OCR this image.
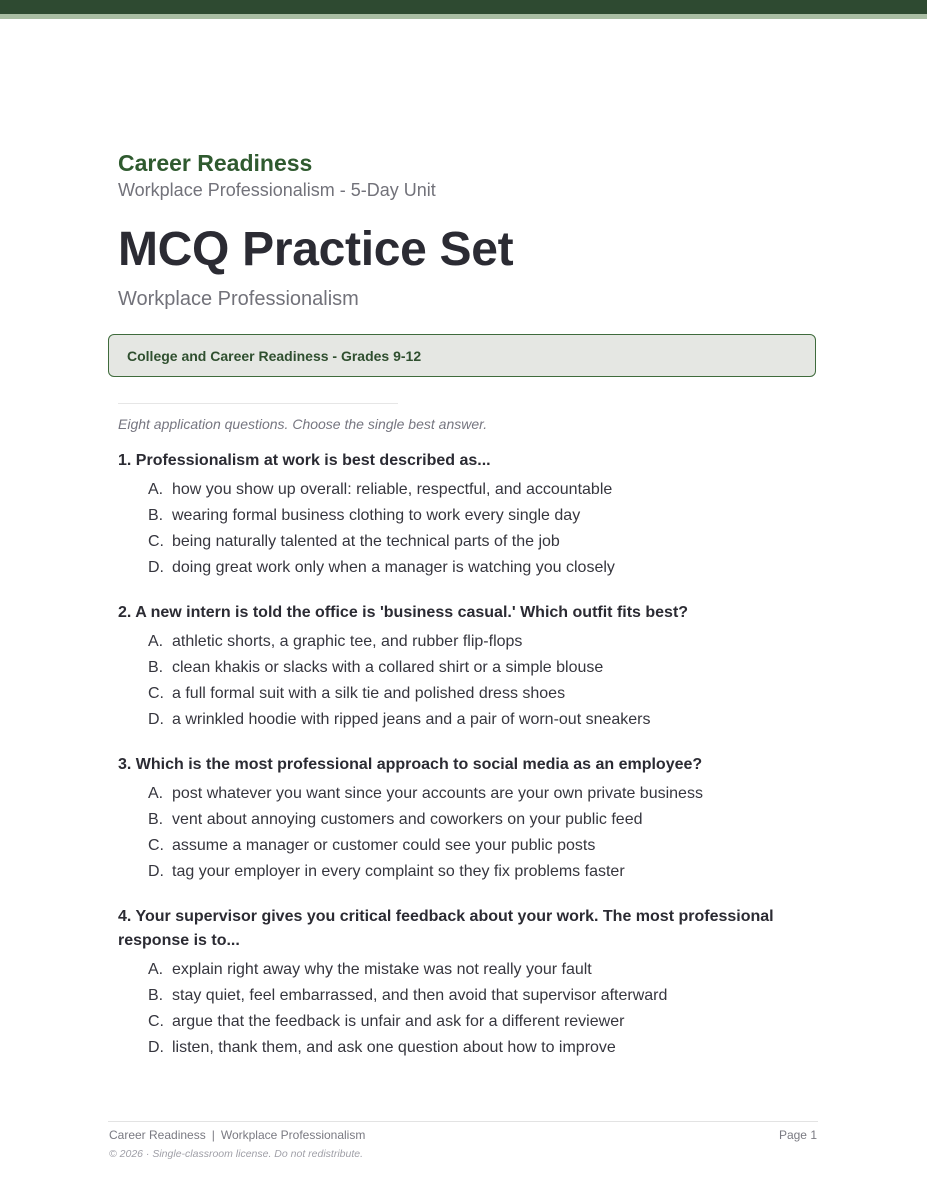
Career Readiness
Workplace Professionalism - 5-Day Unit
MCQ Practice Set
Workplace Professionalism
College and Career Readiness - Grades 9-12
Eight application questions. Choose the single best answer.
1. Professionalism at work is best described as...
A. how you show up overall: reliable, respectful, and accountable
B. wearing formal business clothing to work every single day
C. being naturally talented at the technical parts of the job
D. doing great work only when a manager is watching you closely
2. A new intern is told the office is 'business casual.' Which outfit fits best?
A. athletic shorts, a graphic tee, and rubber flip-flops
B. clean khakis or slacks with a collared shirt or a simple blouse
C. a full formal suit with a silk tie and polished dress shoes
D. a wrinkled hoodie with ripped jeans and a pair of worn-out sneakers
3. Which is the most professional approach to social media as an employee?
A. post whatever you want since your accounts are your own private business
B. vent about annoying customers and coworkers on your public feed
C. assume a manager or customer could see your public posts
D. tag your employer in every complaint so they fix problems faster
4. Your supervisor gives you critical feedback about your work. The most professional response is to...
A. explain right away why the mistake was not really your fault
B. stay quiet, feel embarrassed, and then avoid that supervisor afterward
C. argue that the feedback is unfair and ask for a different reviewer
D. listen, thank them, and ask one question about how to improve
Career Readiness | Workplace Professionalism	Page 1
© 2026 · Single-classroom license. Do not redistribute.
